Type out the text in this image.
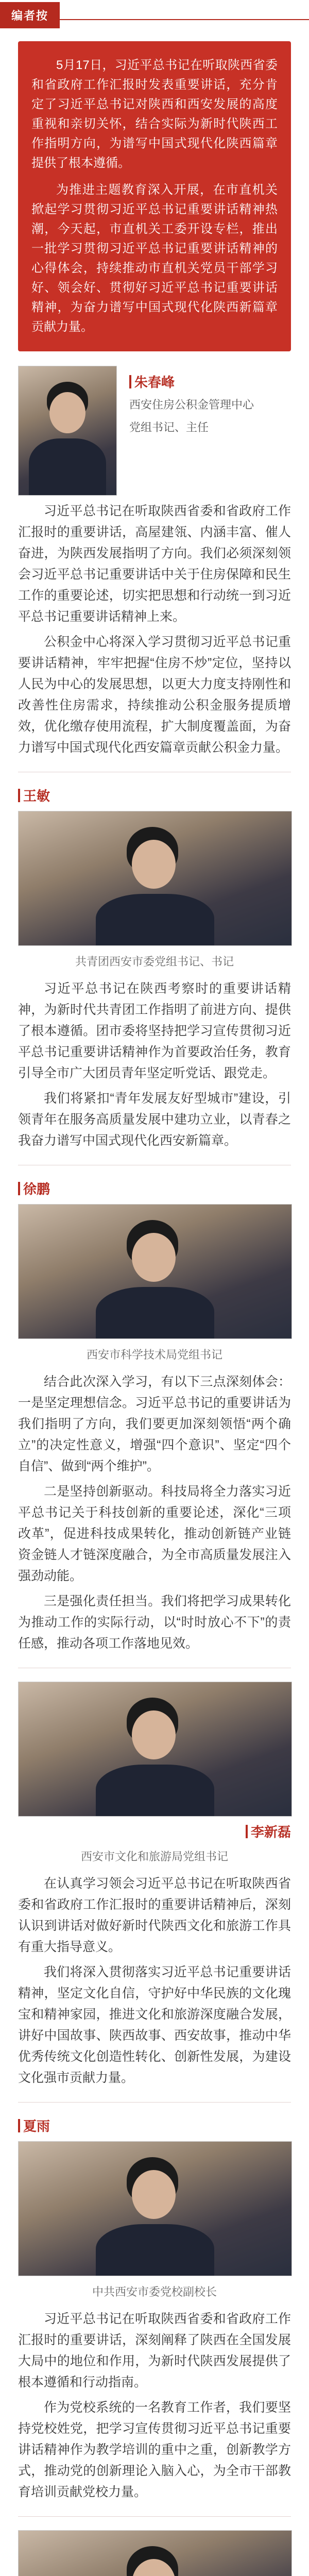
编者按

5月17日，习近平总书记在听取陕西省委和省政府工作汇报时发表重要讲话，充分肯定了习近平总书记对陕西和西安发展的高度重视和亲切关怀，结合实际为新时代陕西工作指明方向，为谱写中国式现代化陕西篇章提供了根本遵循。

为推进主题教育深入开展，在市直机关掀起学习贯彻习近平总书记重要讲话精神热潮，今天起，市直机关工委开设专栏，推出一批学习贯彻习近平总书记重要讲话精神的心得体会，持续推动市直机关党员干部学习好、领会好、贯彻好习近平总书记重要讲话精神，为奋力谱写中国式现代化陕西新篇章贡献力量。

朱春峰
西安住房公积金管理中心
党组书记、主任

习近平总书记在听取陕西省委和省政府工作汇报时的重要讲话，高屋建瓴、内涵丰富、催人奋进，为陕西发展指明了方向。我们必须深刻领会习近平总书记重要讲话中关于住房保障和民生工作的重要论述，切实把思想和行动统一到习近平总书记重要讲话精神上来。

公积金中心将深入学习贯彻习近平总书记重要讲话精神，牢牢把握“住房不炒”定位，坚持以人民为中心的发展思想，以更大力度支持刚性和改善性住房需求，持续推动公积金服务提质增效，优化缴存使用流程，扩大制度覆盖面，为奋力谱写中国式现代化西安篇章贡献公积金力量。

王敏
共青团西安市委党组书记、书记

习近平总书记在陕西考察时的重要讲话精神，为新时代共青团工作指明了前进方向、提供了根本遵循。团市委将坚持把学习宣传贯彻习近平总书记重要讲话精神作为首要政治任务，教育引导全市广大团员青年坚定听党话、跟党走。

我们将紧扣“青年发展友好型城市”建设，引领青年在服务高质量发展中建功立业，以青春之我奋力谱写中国式现代化西安新篇章。

徐鹏
西安市科学技术局党组书记

结合此次深入学习，有以下三点深刻体会：一是坚定理想信念。习近平总书记的重要讲话为我们指明了方向，我们要更加深刻领悟“两个确立”的决定性意义，增强“四个意识”、坚定“四个自信”、做到“两个维护”。

二是坚持创新驱动。科技局将全力落实习近平总书记关于科技创新的重要论述，深化“三项改革”，促进科技成果转化，推动创新链产业链资金链人才链深度融合，为全市高质量发展注入强劲动能。

三是强化责任担当。我们将把学习成果转化为推动工作的实际行动，以“时时放心不下”的责任感，推动各项工作落地见效。

李新磊
西安市文化和旅游局党组书记

在认真学习领会习近平总书记在听取陕西省委和省政府工作汇报时的重要讲话精神后，深刻认识到讲话对做好新时代陕西文化和旅游工作具有重大指导意义。

我们将深入贯彻落实习近平总书记重要讲话精神，坚定文化自信，守护好中华民族的文化瑰宝和精神家园，推进文化和旅游深度融合发展，讲好中国故事、陕西故事、西安故事，推动中华优秀传统文化创造性转化、创新性发展，为建设文化强市贡献力量。

夏雨
中共西安市委党校副校长

习近平总书记在听取陕西省委和省政府工作汇报时的重要讲话，深刻阐释了陕西在全国发展大局中的地位和作用，为新时代陕西发展提供了根本遵循和行动指南。

作为党校系统的一名教育工作者，我们要坚持党校姓党，把学习宣传贯彻习近平总书记重要讲话精神作为教学培训的重中之重，创新教学方式，推动党的创新理论入脑入心，为全市干部教育培训贡献党校力量。
